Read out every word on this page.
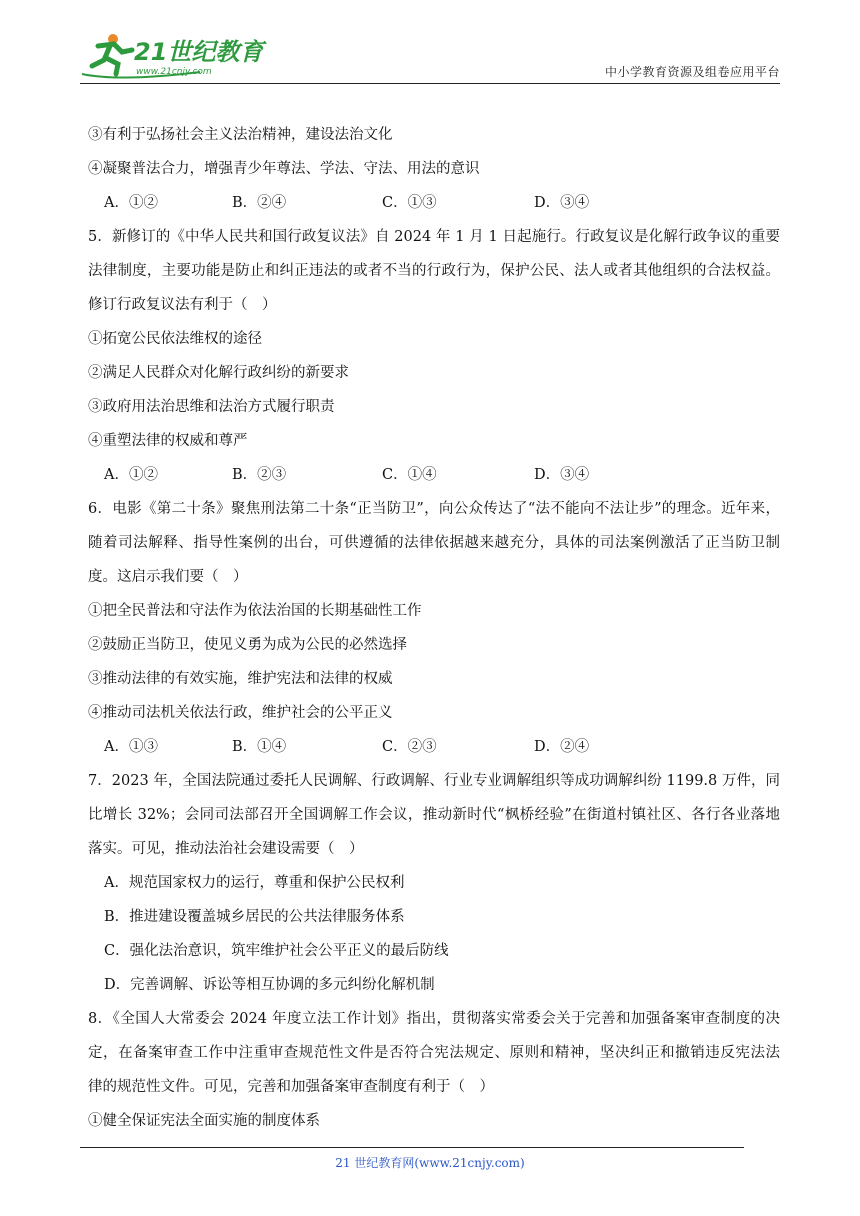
21世纪教育
www.21cnjy.com	中小学教育资源及组卷应用平台
③有利于弘扬社会主义法治精神，建设法治文化
④凝聚普法合力，增强青少年尊法、学法、守法、用法的意识
A．①②	B．②④	C．①③	D．③④
5．新修订的《中华人民共和国行政复议法》自 2024 年 1 月 1 日起施行。行政复议是化解行政争议的重要
法律制度，主要功能是防止和纠正违法的或者不当的行政行为，保护公民、法人或者其他组织的合法权益。
修订行政复议法有利于（　）
①拓宽公民依法维权的途径
②满足人民群众对化解行政纠纷的新要求
③政府用法治思维和法治方式履行职责
④重塑法律的权威和尊严
A．①②	B．②③	C．①④	D．③④
6．电影《第二十条》聚焦刑法第二十条“正当防卫”，向公众传达了“法不能向不法让步”的理念。近年来，
随着司法解释、指导性案例的出台，可供遵循的法律依据越来越充分，具体的司法案例激活了正当防卫制
度。这启示我们要（　）
①把全民普法和守法作为依法治国的长期基础性工作
②鼓励正当防卫，使见义勇为成为公民的必然选择
③推动法律的有效实施，维护宪法和法律的权威
④推动司法机关依法行政，维护社会的公平正义
A．①③	B．①④	C．②③	D．②④
7．2023 年，全国法院通过委托人民调解、行政调解、行业专业调解组织等成功调解纠纷 1199.8 万件，同
比增长 32%；会同司法部召开全国调解工作会议，推动新时代“枫桥经验”在街道村镇社区、各行各业落地
落实。可见，推动法治社会建设需要（　）
A．规范国家权力的运行，尊重和保护公民权利
B．推进建设覆盖城乡居民的公共法律服务体系
C．强化法治意识，筑牢维护社会公平正义的最后防线
D．完善调解、诉讼等相互协调的多元纠纷化解机制
8．《全国人大常委会 2024 年度立法工作计划》指出，贯彻落实常委会关于完善和加强备案审查制度的决
定，在备案审查工作中注重审查规范性文件是否符合宪法规定、原则和精神，坚决纠正和撤销违反宪法法
律的规范性文件。可见，完善和加强备案审查制度有利于（　）
①健全保证宪法全面实施的制度体系
21 世纪教育网(www.21cnjy.com)
